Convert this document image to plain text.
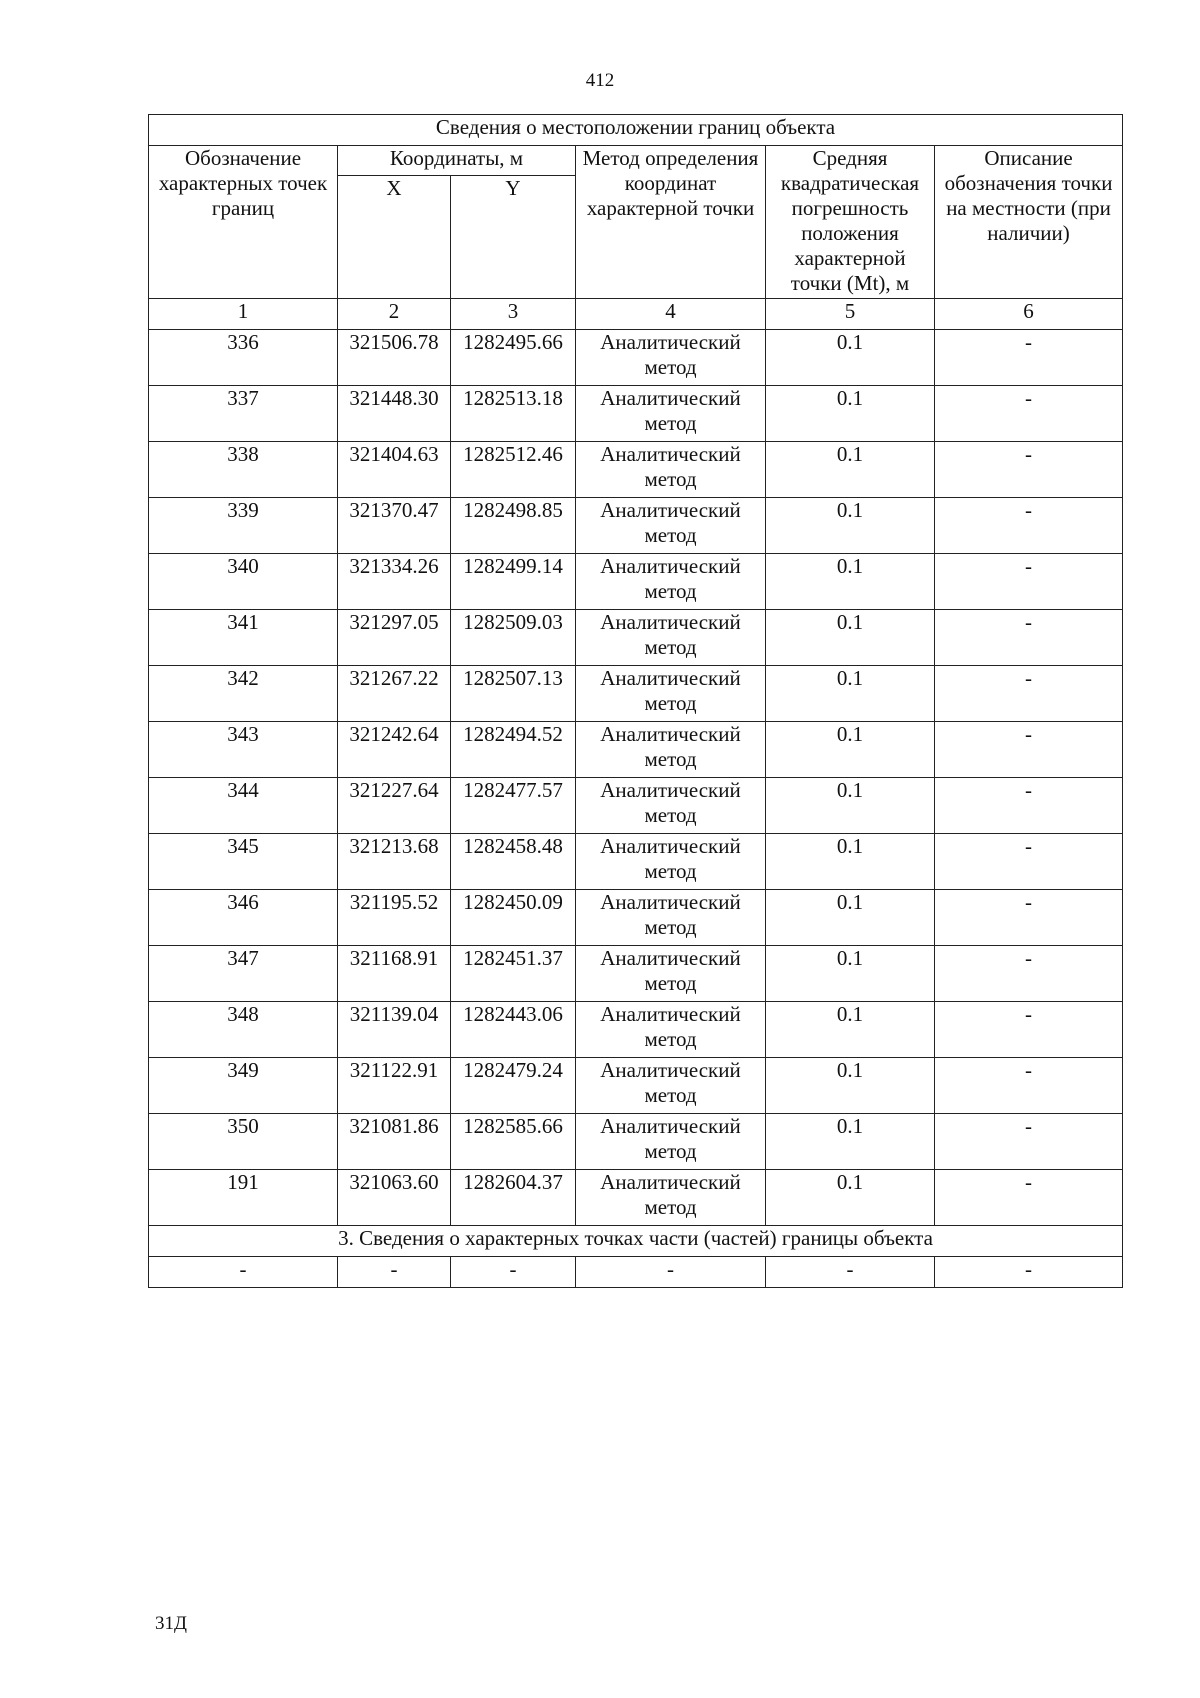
412
Сведения о местоположении границ объекта					
Обозначение характерных точек границ	Координаты, м		Метод определения координат характерной точки	Средняя квадратическая погрешность положения характерной точки (Mt), м	Описание обозначения точки на местности (при наличии)
	X	Y			
1	2	3	4	5	6
336	321506.78	1282495.66	Аналитический метод	0.1	-
337	321448.30	1282513.18	Аналитический метод	0.1	-
338	321404.63	1282512.46	Аналитический метод	0.1	-
339	321370.47	1282498.85	Аналитический метод	0.1	-
340	321334.26	1282499.14	Аналитический метод	0.1	-
341	321297.05	1282509.03	Аналитический метод	0.1	-
342	321267.22	1282507.13	Аналитический метод	0.1	-
343	321242.64	1282494.52	Аналитический метод	0.1	-
344	321227.64	1282477.57	Аналитический метод	0.1	-
345	321213.68	1282458.48	Аналитический метод	0.1	-
346	321195.52	1282450.09	Аналитический метод	0.1	-
347	321168.91	1282451.37	Аналитический метод	0.1	-
348	321139.04	1282443.06	Аналитический метод	0.1	-
349	321122.91	1282479.24	Аналитический метод	0.1	-
350	321081.86	1282585.66	Аналитический метод	0.1	-
191	321063.60	1282604.37	Аналитический метод	0.1	-
3. Сведения о характерных точках части (частей) границы объекта					
-	-	-	-	-	-
31Д
